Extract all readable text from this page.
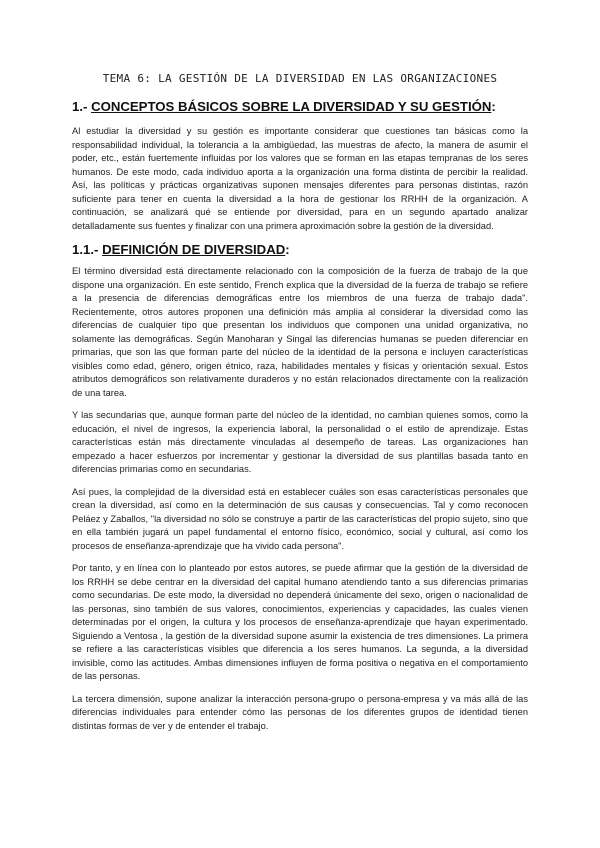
TEMA 6: LA GESTIÓN DE LA DIVERSIDAD EN LAS ORGANIZACIONES
1.- CONCEPTOS BÁSICOS SOBRE LA DIVERSIDAD Y SU GESTIÓN:

Al estudiar la diversidad y su gestión es importante considerar que cuestiones tan básicas como la responsabilidad individual, la tolerancia a la ambigüedad, las muestras de afecto, la manera de asumir el poder, etc., están fuertemente influidas por los valores que se forman en las etapas tempranas de los seres humanos. De este modo, cada individuo aporta a la organización una forma distinta de percibir la realidad. Así, las políticas y prácticas organizativas suponen mensajes diferentes para personas distintas, razón suficiente para tener en cuenta la diversidad a la hora de gestionar los RRHH de la organización. A continuación, se analizará qué se entiende por diversidad, para en un segundo apartado analizar detalladamente sus fuentes y finalizar con una primera aproximación sobre la gestión de la diversidad.

1.1.- DEFINICIÓN DE DIVERSIDAD:

El término diversidad está directamente relacionado con la composición de la fuerza de trabajo de la que dispone una organización. En este sentido, French explica que la diversidad de la fuerza de trabajo se refiere a la presencia de diferencias demográficas entre los miembros de una fuerza de trabajo dada". Recientemente, otros autores proponen una definición más amplia al considerar la diversidad como las diferencias de cualquier tipo que presentan los individuos que componen una unidad organizativa, no solamente las demográficas. Según Manoharan y Singal las diferencias humanas se pueden diferenciar en primarias, que son las que forman parte del núcleo de la identidad de la persona e incluyen características visibles como edad, género, origen étnico, raza, habilidades mentales y físicas y orientación sexual. Estos atributos demográficos son relativamente duraderos y no están relacionados directamente con la realización de una tarea.

Y las secundarias que, aunque forman parte del núcleo de la identidad, no cambian quienes somos, como la educación, el nivel de ingresos, la experiencia laboral, la personalidad o el estilo de aprendizaje. Estas características están más directamente vinculadas al desempeño de tareas. Las organizaciones han empezado a hacer esfuerzos por incrementar y gestionar la diversidad de sus plantillas basada tanto en diferencias primarias como en secundarias.

Así pues, la complejidad de la diversidad está en establecer cuáles son esas características personales que crean la diversidad, así como en la determinación de sus causas y consecuencias. Tal y como reconocen Peláez y Zaballos, "la diversidad no sólo se construye a partir de las características del propio sujeto, sino que en ella también jugará un papel fundamental el entorno físico, económico, social y cultural, así como los procesos de enseñanza-aprendizaje que ha vivido cada persona".

Por tanto, y en línea con lo planteado por estos autores, se puede afirmar que la gestión de la diversidad de los RRHH se debe centrar en la diversidad del capital humano atendiendo tanto a sus diferencias primarias como secundarias. De este modo, la diversidad no dependerá únicamente del sexo, origen o nacionalidad de las personas, sino también de sus valores, conocimientos, experiencias y capacidades, las cuales vienen determinadas por el origen, la cultura y los procesos de enseñanza-aprendizaje que hayan experimentado. Siguiendo a Ventosa , la gestión de la diversidad supone asumir la existencia de tres dimensiones. La primera se refiere a las características visibles que diferencia a los seres humanos. La segunda, a la diversidad invisible, como las actitudes. Ambas dimensiones influyen de forma positiva o negativa en el comportamiento de las personas.

La tercera dimensión, supone analizar la interacción persona-grupo o persona-empresa y va más allá de las diferencias individuales para entender cómo las personas de los diferentes grupos de identidad tienen distintas formas de ver y de entender el trabajo.
